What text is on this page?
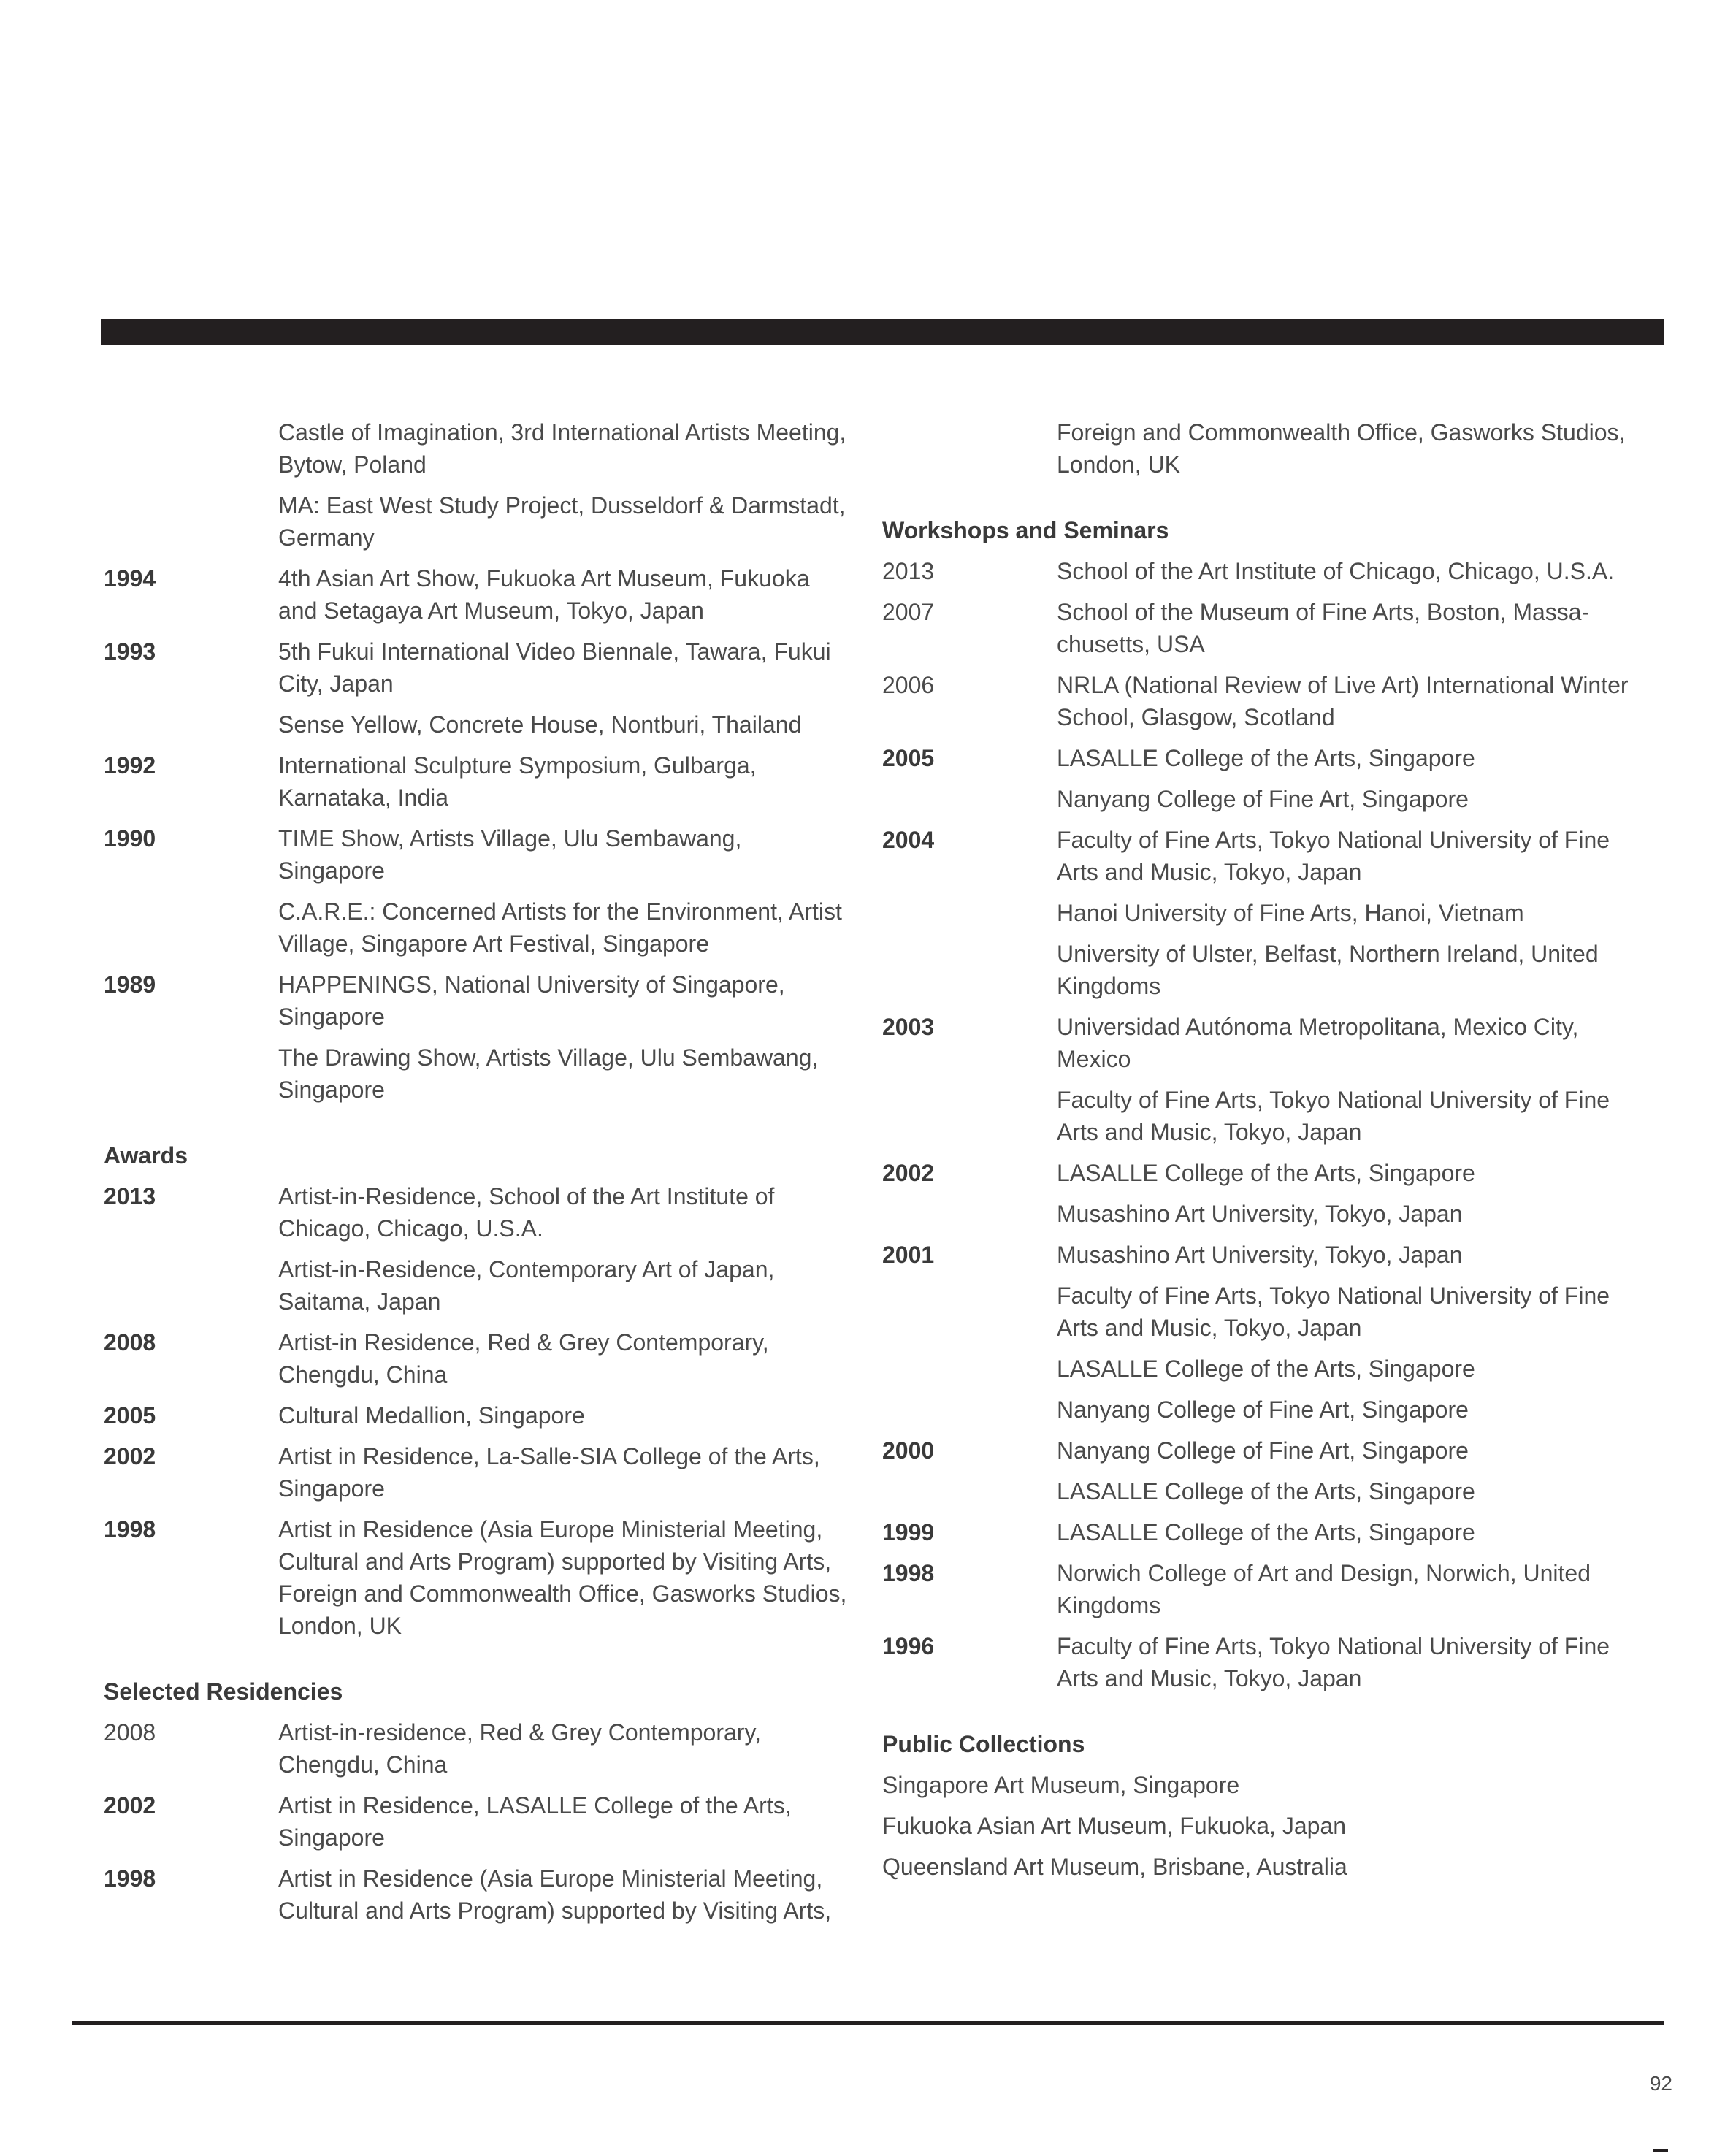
Castle of Imagination, 3rd International Artists Meeting, Bytow, Poland
MA: East West Study Project, Dusseldorf & Darmstadt, Germany
1994	4th Asian Art Show, Fukuoka Art Museum, Fukuoka and Setagaya Art Museum, Tokyo, Japan
1993	5th Fukui International Video Biennale, Tawara, Fukui City, Japan
Sense Yellow, Concrete House, Nontburi, Thailand
1992	International Sculpture Symposium, Gulbarga, Karnataka, India
1990	TIME Show, Artists Village, Ulu Sembawang, Singapore
C.A.R.E.: Concerned Artists for the Environment, Artist Village, Singapore Art Festival, Singapore
1989	HAPPENINGS, National University of Singapore, Singapore
The Drawing Show, Artists Village, Ulu Sembawang, Singapore
Awards
2013	Artist-in-Residence, School of the Art Institute of Chicago, Chicago, U.S.A.
Artist-in-Residence, Contemporary Art of Japan, Saitama, Japan
2008	Artist-in Residence, Red & Grey Contemporary, Chengdu, China
2005	Cultural Medallion, Singapore
2002	Artist in Residence, La-Salle-SIA College of the Arts, Singapore
1998	Artist in Residence (Asia Europe Ministerial Meeting, Cultural and Arts Program) supported by Visiting Arts, Foreign and Commonwealth Office, Gasworks Studios, London, UK
Selected Residencies
2008	Artist-in-residence, Red & Grey Contemporary, Chengdu, China
2002	Artist in Residence, LASALLE College of the Arts, Singapore
1998	Artist in Residence (Asia Europe Ministerial Meeting, Cultural and Arts Program) supported by Visiting Arts,
Foreign and Commonwealth Office, Gasworks Studios, London, UK
Workshops and Seminars
2013	School of the Art Institute of Chicago, Chicago, U.S.A.
2007	School of the Museum of Fine Arts, Boston, Massa-chusetts, USA
2006	NRLA (National Review of Live Art) International Winter School, Glasgow, Scotland
2005	LASALLE College of the Arts, Singapore
Nanyang College of Fine Art, Singapore
2004	Faculty of Fine Arts, Tokyo National University of Fine Arts and Music, Tokyo, Japan
Hanoi University of Fine Arts, Hanoi, Vietnam
University of Ulster, Belfast, Northern Ireland, United Kingdoms
2003	Universidad Autónoma Metropolitana, Mexico City, Mexico
Faculty of Fine Arts, Tokyo National University of Fine Arts and Music, Tokyo, Japan
2002	LASALLE College of the Arts, Singapore
Musashino Art University, Tokyo, Japan
2001	Musashino Art University, Tokyo, Japan
Faculty of Fine Arts, Tokyo National University of Fine Arts and Music, Tokyo, Japan
LASALLE College of the Arts, Singapore
Nanyang College of Fine Art, Singapore
2000	Nanyang College of Fine Art, Singapore
LASALLE College of the Arts, Singapore
1999	LASALLE College of the Arts, Singapore
1998	Norwich College of Art and Design, Norwich, United Kingdoms
1996	Faculty of Fine Arts, Tokyo National University of Fine Arts and Music, Tokyo, Japan
Public Collections
Singapore Art Museum, Singapore
Fukuoka Asian Art Museum, Fukuoka, Japan
Queensland Art Museum, Brisbane, Australia
92
